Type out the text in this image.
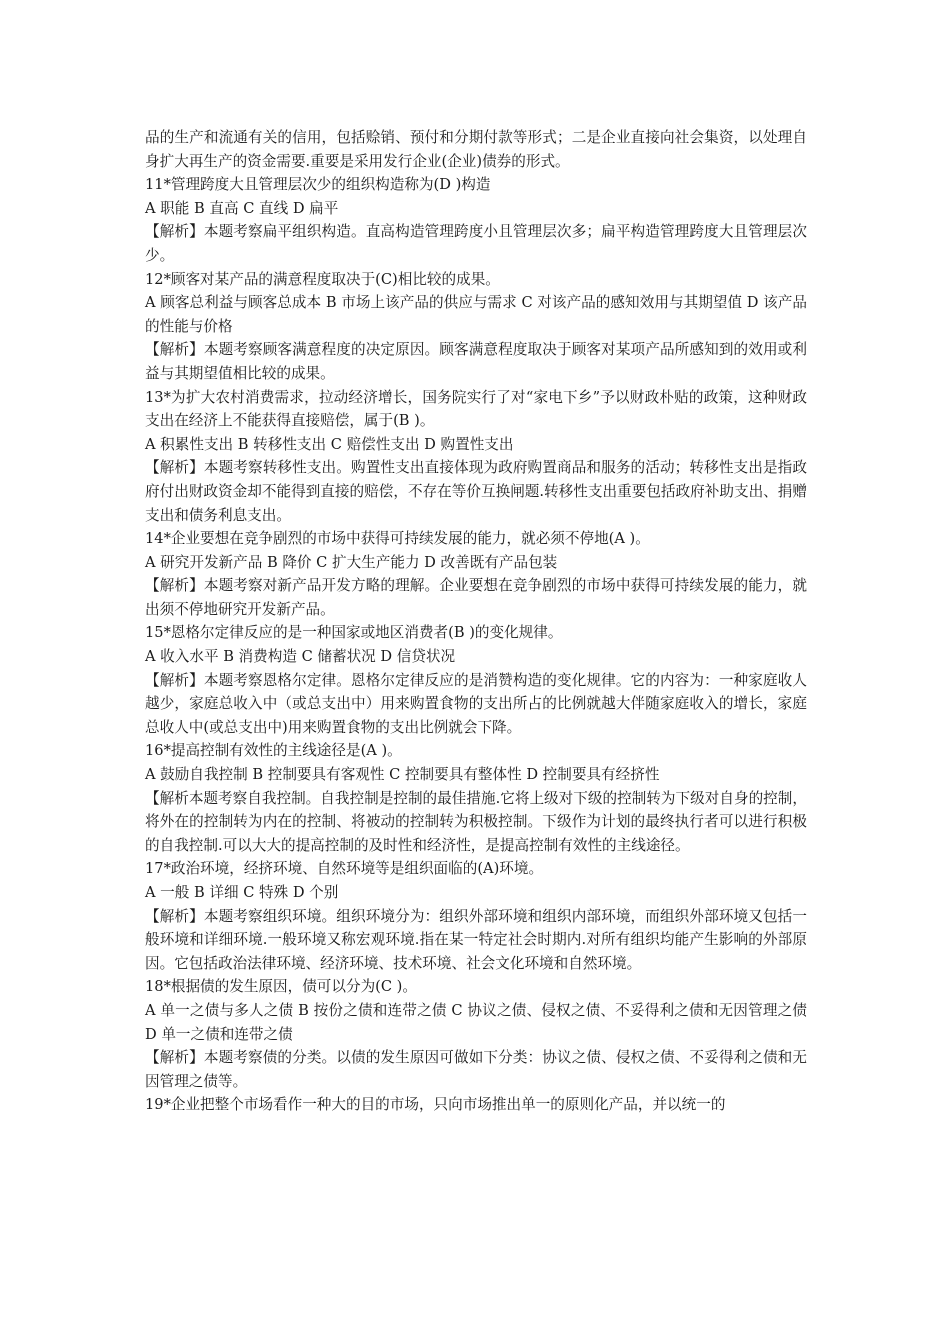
品的生产和流通有关的信用，包括赊销、预付和分期付款等形式；二是企业直接向社会集资，以处理自身扩大再生产的资金需要.重要是采用发行企业(企业)债券的形式。

11*管理跨度大且管理层次少的组织构造称为(D )构造

A 职能 B 直高 C 直线 D 扁平

【解析】本题考察扁平组织构造。直高构造管理跨度小且管理层次多；扁平构造管理跨度大且管理层次少。

12*顾客对某产品的满意程度取决于(C)相比较的成果。

A 顾客总利益与顾客总成本 B 市场上该产品的供应与需求 C 对该产品的感知效用与其期望值 D 该产品的性能与价格

【解析】本题考察顾客满意程度的决定原因。顾客满意程度取决于顾客对某项产品所感知到的效用或利益与其期望值相比较的成果。

13*为扩大农村消费需求，拉动经济增长，国务院实行了对“家电下乡”予以财政朴贴的政策，这种财政支出在经济上不能获得直接赔偿，属于(B )。

A 积累性支出 B 转移性支出 C 赔偿性支出 D 购置性支出

【解析】本题考察转移性支出。购置性支出直接体现为政府购置商品和服务的活动；转移性支出是指政府付出财政资金却不能得到直接的赔偿，不存在等价互换闸题.转移性支出重要包括政府补助支出、捐赠支出和债务利息支出。

14*企业要想在竞争剧烈的市场中获得可持续发展的能力，就必须不停地(A )。

A 研究开发新产品 B 降价 C 扩大生产能力 D 改善既有产品包装

【解析】本题考察对新产品开发方略的理解。企业要想在竞争剧烈的市场中获得可持续发展的能力，就出须不停地研究开发新产品。

15*恩格尔定律反应的是一种国家或地区消费者(B )的变化规律。

A 收入水平 B 消费构造 C 储蓄状况 D 信贷状况

【解析】本题考察恩格尔定律。恩格尔定律反应的是消赞构造的变化规律。它的内容为：一种家庭收人越少，家庭总收入中（或总支出中）用来购置食物的支出所占的比例就越大伴随家庭收入的增长，家庭总收人中(或总支出中)用来购置食物的支出比例就会下降。

16*提高控制有效性的主线途径是(A )。

A 鼓励自我控制 B 控制要具有客观性 C 控制要具有整体性 D 控制要具有经挤性

【解析本题考察自我控制。自我控制是控制的最佳措施.它将上级对下级的控制转为下级对自身的控制，将外在的控制转为内在的控制、将被动的控制转为积极控制。下级作为计划的最终执行者可以进行积极的自我控制.可以大大的提高控制的及时性和经济性，是提高控制有效性的主线途径。

17*政治环境，经挤环境、自然环境等是组织面临的(A)环境。

A 一般 B 详细 C 特殊 D 个别

【解析】本题考察组织环境。组织环境分为：组织外部环境和组织内部环境，而组织外部环境又包括一般环境和详细环境.一般环境又称宏观环境.指在某一特定社会时期内.对所有组织均能产生影响的外部原因。它包括政治法律环境、经济环境、技术环境、社会文化环境和自然环境。

18*根据债的发生原因，债可以分为(C )。

A 单一之债与多人之债 B 按份之债和连带之债 C 协议之债、侵权之债、不妥得利之债和无因管理之债 D 单一之债和连带之债

【解析】本题考察债的分类。以债的发生原因可做如下分类：协议之债、侵权之债、不妥得利之债和无因管理之债等。

19*企业把整个市场看作一种大的目的市场，只向市场推出单一的原则化产品，并以统一的
